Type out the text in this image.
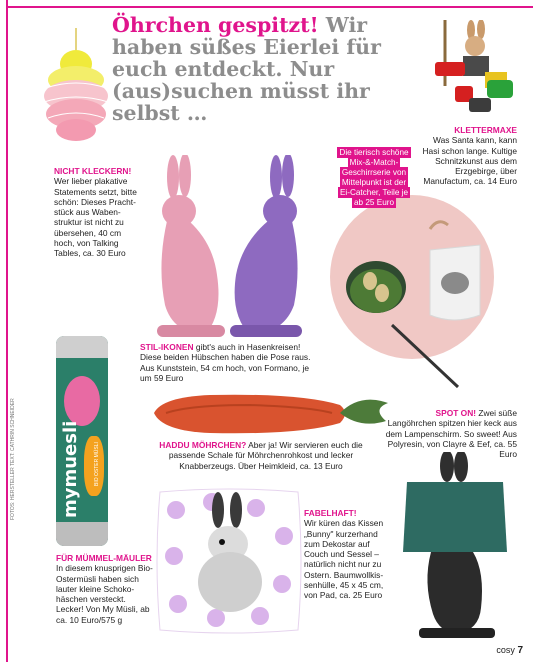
Öhrchen gespitzt! Wir haben süßes Eierlei für euch entdeckt. Nur (aus)suchen müsst ihr selbst …
NICHT KLECKERN!
Wer lieber plakative Statements setzt, bitte schön: Dieses Pracht-stück aus Waben-struktur ist nicht zu übersehen, 40 cm hoch, von Talking Tables, ca. 30 Euro
KLETTERMAXE
Was Santa kann, kann Hasi schon lange. Kultige Schnitzkunst aus dem Erzgebirge, über Manufactum, ca. 14 Euro
Die tierisch schöne Mix-&-Match-Geschirrserie von Mittelpunkt ist der Ei-Catcher, Teile je ab 25 Euro
mymuesli	BIO OSTER MÜSLI
STIL-IKONEN gibt's auch in Hasenkreisen! Diese beiden Hübschen haben die Pose raus. Aus Kunststein, 54 cm hoch, von Formano, je um 59 Euro
HADDU MÖHRCHEN? Aber ja! Wir servieren euch die passende Schale für Möhrchenrohkost und lecker Knabberzeugs. Über Heimkleid, ca. 13 Euro
SPOT ON! Zwei süße Langöhrchen spitzen hier keck aus dem Lampenschirm. So sweet! Aus Polyresin, von Clayre & Eef, ca. 55 Euro
FABELHAFT!
Wir küren das Kissen „Bunny" kurzerhand zum Dekostar auf Couch und Sessel – natürlich nicht nur zu Ostern. Baumwollkis-senhülle, 45 x 45 cm, von Pad, ca. 25 Euro
FÜR MÜMMEL-MÄULER
In diesem knusprigen Bio-Ostermüsli haben sich lauter kleine Schoko-häschen versteckt. Lecker! Von My Müsli, ab ca. 10 Euro/575 g
FOTOS: HERSTELLER TEXT: CATHRIN SCHNEIDER
cosy 7
